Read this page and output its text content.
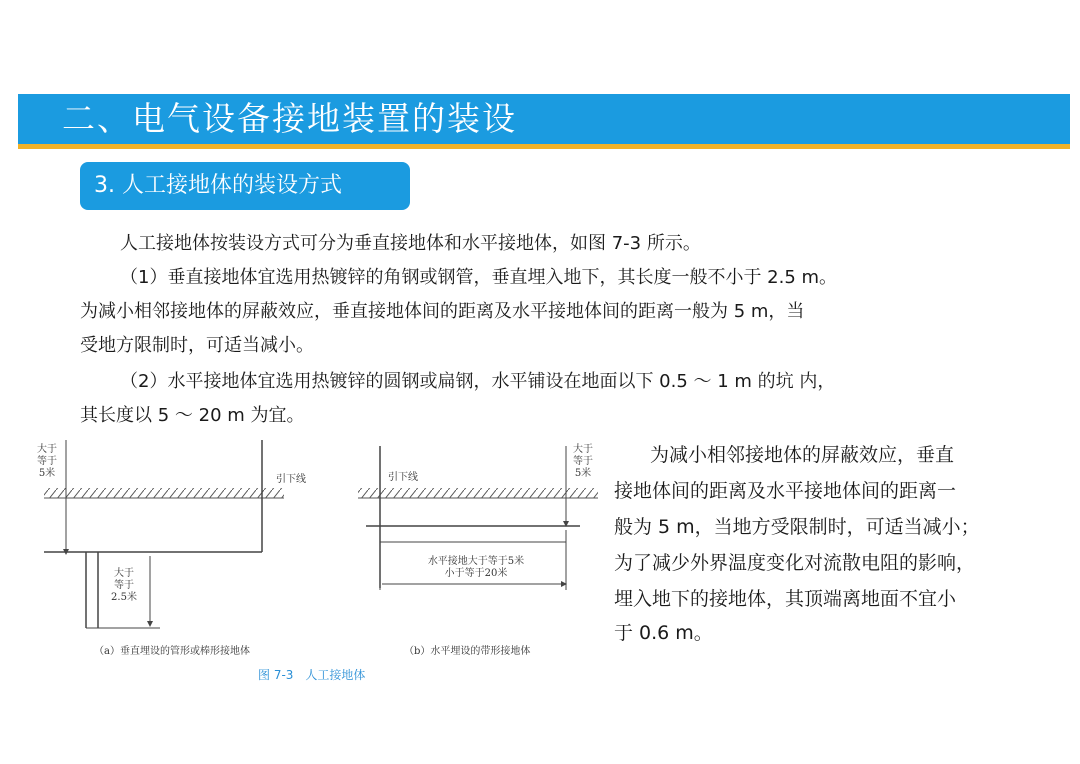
二、电气设备接地装置的装设
3. 人工接地体的装设方式
人工接地体按装设方式可分为垂直接地体和水平接地体，如图 7-3 所示。
（1）垂直接地体宜选用热镀锌的角钢或钢管，垂直埋入地下，其长度一般不小于 2.5 m。
为减小相邻接地体的屏蔽效应，垂直接地体间的距离及水平接地体间的距离一般为 5 m，当
受地方限制时，可适当减小。
（2）水平接地体宜选用热镀锌的圆钢或扁钢，水平铺设在地面以下 0.5 ～ 1 m 的坑 内，
其长度以 5 ～ 20 m 为宜。
大于
等于
5米
引下线
大于
等于
2.5米
（a）垂直埋设的管形或棒形接地体
引下线
大于
等于
5米
水平接地大于等于5米
小于等于20米
（b）水平埋设的带形接地体
图 7-3　人工接地体
为减小相邻接地体的屏蔽效应，垂直
接地体间的距离及水平接地体间的距离一
般为 5 m，当地方受限制时，可适当减小；
为了减少外界温度变化对流散电阻的影响，
埋入地下的接地体，其顶端离地面不宜小
于 0.6 m。
